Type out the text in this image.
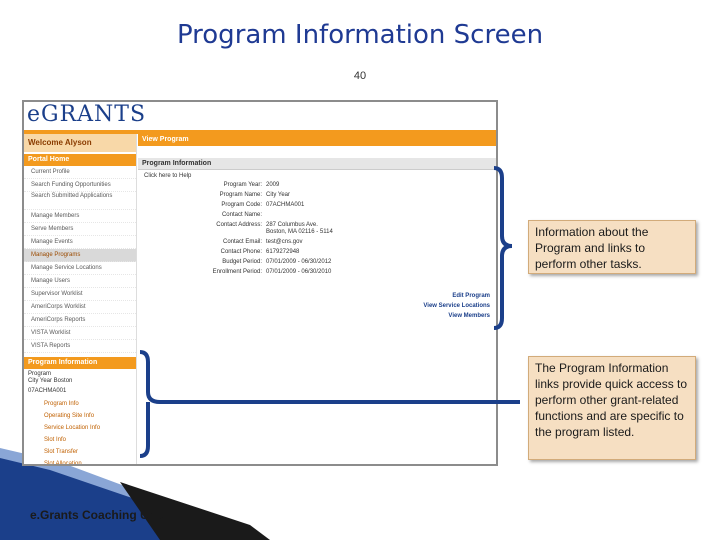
Program Information Screen
40
eGRANTS
Welcome Alyson
Portal Home
Current Profile
Search Funding Opportunities
Search Submitted Applications
Manage Members
Serve Members
Manage Events
Manage Programs
Manage Service Locations
Manage Users
Supervisor Worklist
AmeriCorps Worklist
AmeriCorps Reports
VISTA Worklist
VISTA Reports
Program Information
Program
City Year Boston
07ACHMA001
Program Info
Operating Site Info
Service Location Info
Slot Info
Slot Transfer
Slot Allocation
View Program
Program Information
Click here to Help
Program Year: 2009
Program Name: City Year
Program Code: 07ACHMA001
Contact Name:
Contact Address: 287 Columbus Ave.
Boston, MA 02116 - 5114
Contact Email: test@cns.gov
Contact Phone: 6179272948
Budget Period: 07/01/2009 - 06/30/2012
Enrollment Period: 07/01/2009 - 06/30/2010
Edit Program
View Service Locations
View Members
Information about the Program and links to perform other tasks.
The Program Information links provide quick access to perform other grant-related functions and are specific to the program listed.
e.Grants Coaching Unit
